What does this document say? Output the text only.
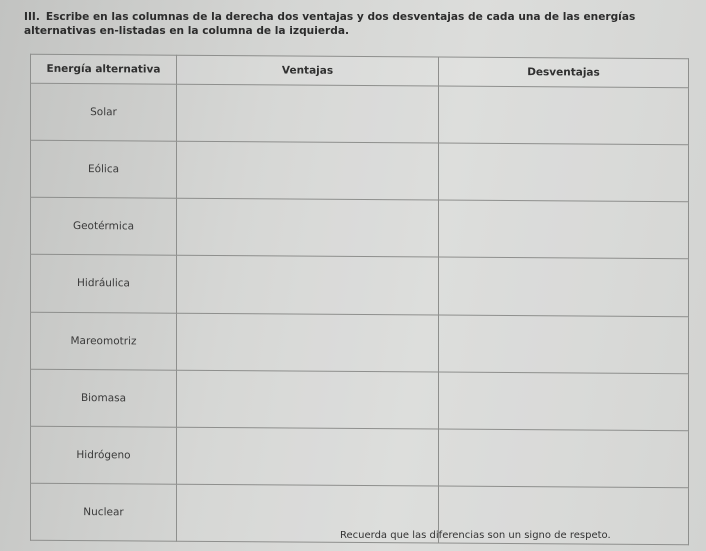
III. Escribe en las columnas de la derecha dos ventajas y dos desventajas de cada una de las energías alternativas en-listadas en la columna de la izquierda.
Energía alternativa	Ventajas	Desventajas
Solar		
Eólica		
Geotérmica		
Hidráulica		
Mareomotriz		
Biomasa		
Hidrógeno		
Nuclear		
Recuerda que las diferencias son un signo de respeto.
